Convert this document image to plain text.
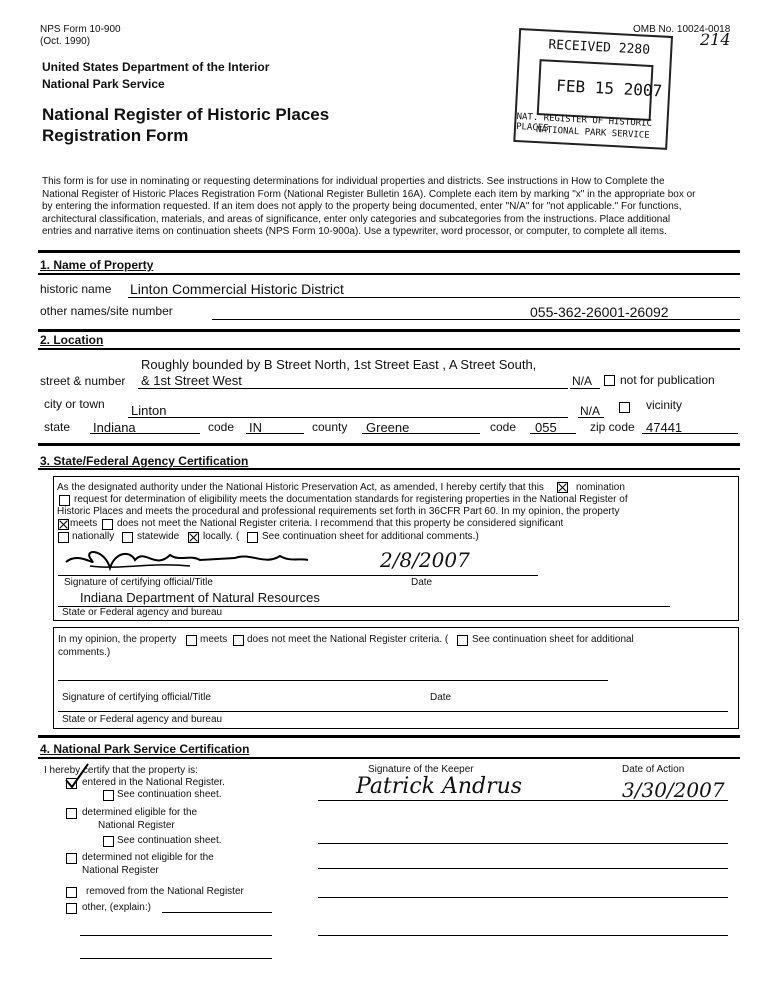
NPS Form 10-900
(Oct. 1990)
OMB No. 10024-0018
214
United States Department of the Interior
National Park Service
National Register of Historic Places
Registration Form
RECEIVED 2280
FEB 15 2007
NAT. REGISTER OF HISTORIC PLACES
NATIONAL PARK SERVICE
This form is for use in nominating or requesting determinations for individual properties and districts. See instructions in How to Complete the
National Register of Historic Places Registration Form (National Register Bulletin 16A). Complete each item by marking "x" in the appropriate box or
by entering the information requested. If an item does not apply to the property being documented, enter "N/A" for "not applicable." For functions,
architectural classification, materials, and areas of significance, enter only categories and subcategories from the instructions. Place additional
entries and narrative items on continuation sheets (NPS Form 10-900a). Use a typewriter, word processor, or computer, to complete all items.
1. Name of Property
historic name Linton Commercial Historic District
other names/site number	055-362-26001-26092
2. Location
Roughly bounded by B Street North, 1st Street East , A Street South,
street & number & 1st Street West	N/A not for publication
city or town Linton	N/A	vicinity
state Indiana	code IN	county Greene	code 055	zip code 47441
3. State/Federal Agency Certification
As the designated authority under the National Historic Preservation Act, as amended, I hereby certify that this	nomination
request for determination of eligibility meets the documentation standards for registering properties in the National Register of
Historic Places and meets the procedural and professional requirements set forth in 36CFR Part 60. In my opinion, the property
meets does not meet the National Register criteria. I recommend that this property be considered significant
nationally statewide locally. ( See continuation sheet for additional comments.)
2/8/2007
Signature of certifying official/Title	Date
Indiana Department of Natural Resources
State or Federal agency and bureau
In my opinion, the property meets does not meet the National Register criteria. ( See continuation sheet for additional
comments.)
Signature of certifying official/Title	Date
State or Federal agency and bureau
4. National Park Service Certification
I hereby certify that the property is:
entered in the National Register.
See continuation sheet.
determined eligible for the
National Register
See continuation sheet.
determined not eligible for the
National Register
removed from the National Register
other, (explain:)
Signature of the Keeper
Patrick Andrus
Date of Action
3/30/2007
